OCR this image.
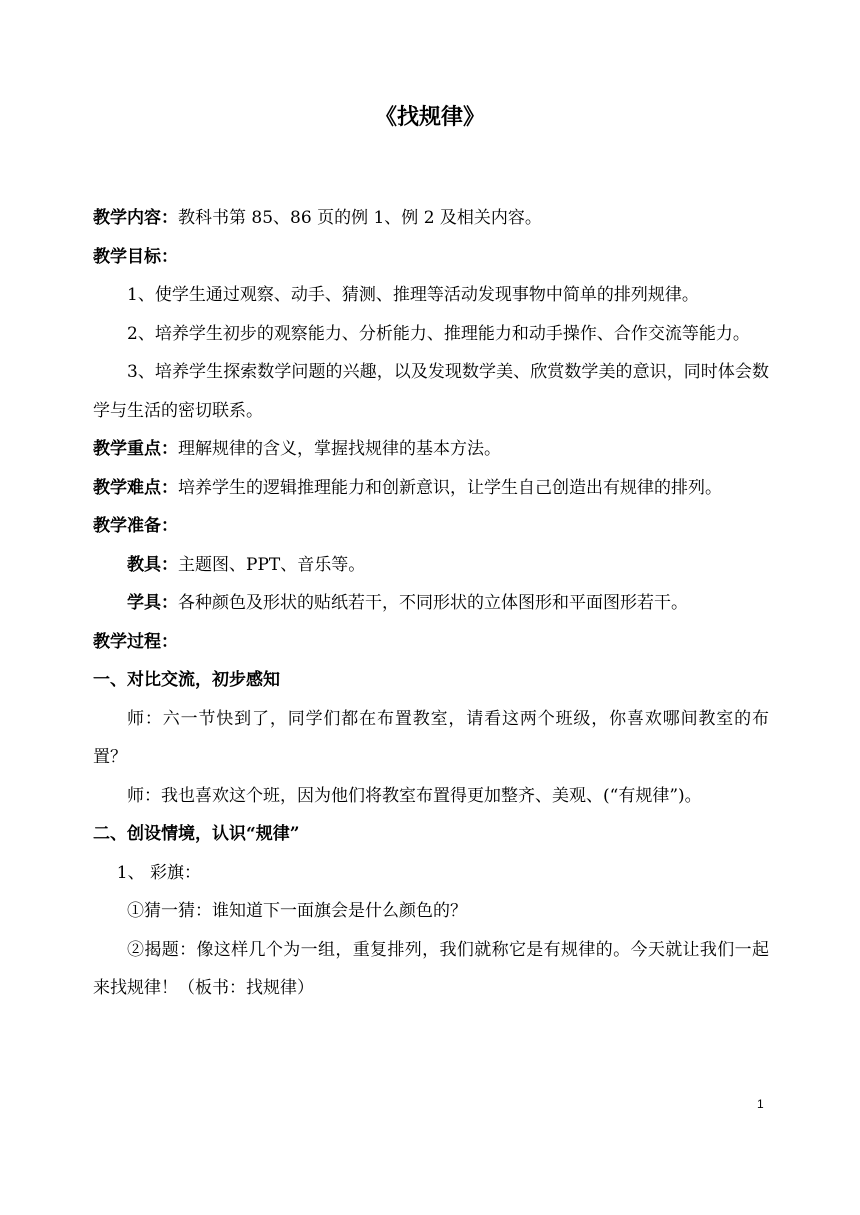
《找规律》

教学内容：教科书第 85、86 页的例 1、例 2 及相关内容。

教学目标：

1、使学生通过观察、动手、猜测、推理等活动发现事物中简单的排列规律。

2、培养学生初步的观察能力、分析能力、推理能力和动手操作、合作交流等能力。

3、培养学生探索数学问题的兴趣，以及发现数学美、欣赏数学美的意识，同时体会数学与生活的密切联系。

教学重点：理解规律的含义，掌握找规律的基本方法。

教学难点：培养学生的逻辑推理能力和创新意识，让学生自己创造出有规律的排列。

教学准备：

教具：主题图、PPT、音乐等。

学具：各种颜色及形状的贴纸若干，不同形状的立体图形和平面图形若干。

教学过程：

一、对比交流，初步感知

师：六一节快到了，同学们都在布置教室，请看这两个班级，你喜欢哪间教室的布置？

师：我也喜欢这个班，因为他们将教室布置得更加整齐、美观、(“有规律”)。

二、创设情境，认识“规律”

1、 彩旗：

①猜一猜：谁知道下一面旗会是什么颜色的？

②揭题：像这样几个为一组，重复排列，我们就称它是有规律的。今天就让我们一起来找规律！（板书：找规律）

1
